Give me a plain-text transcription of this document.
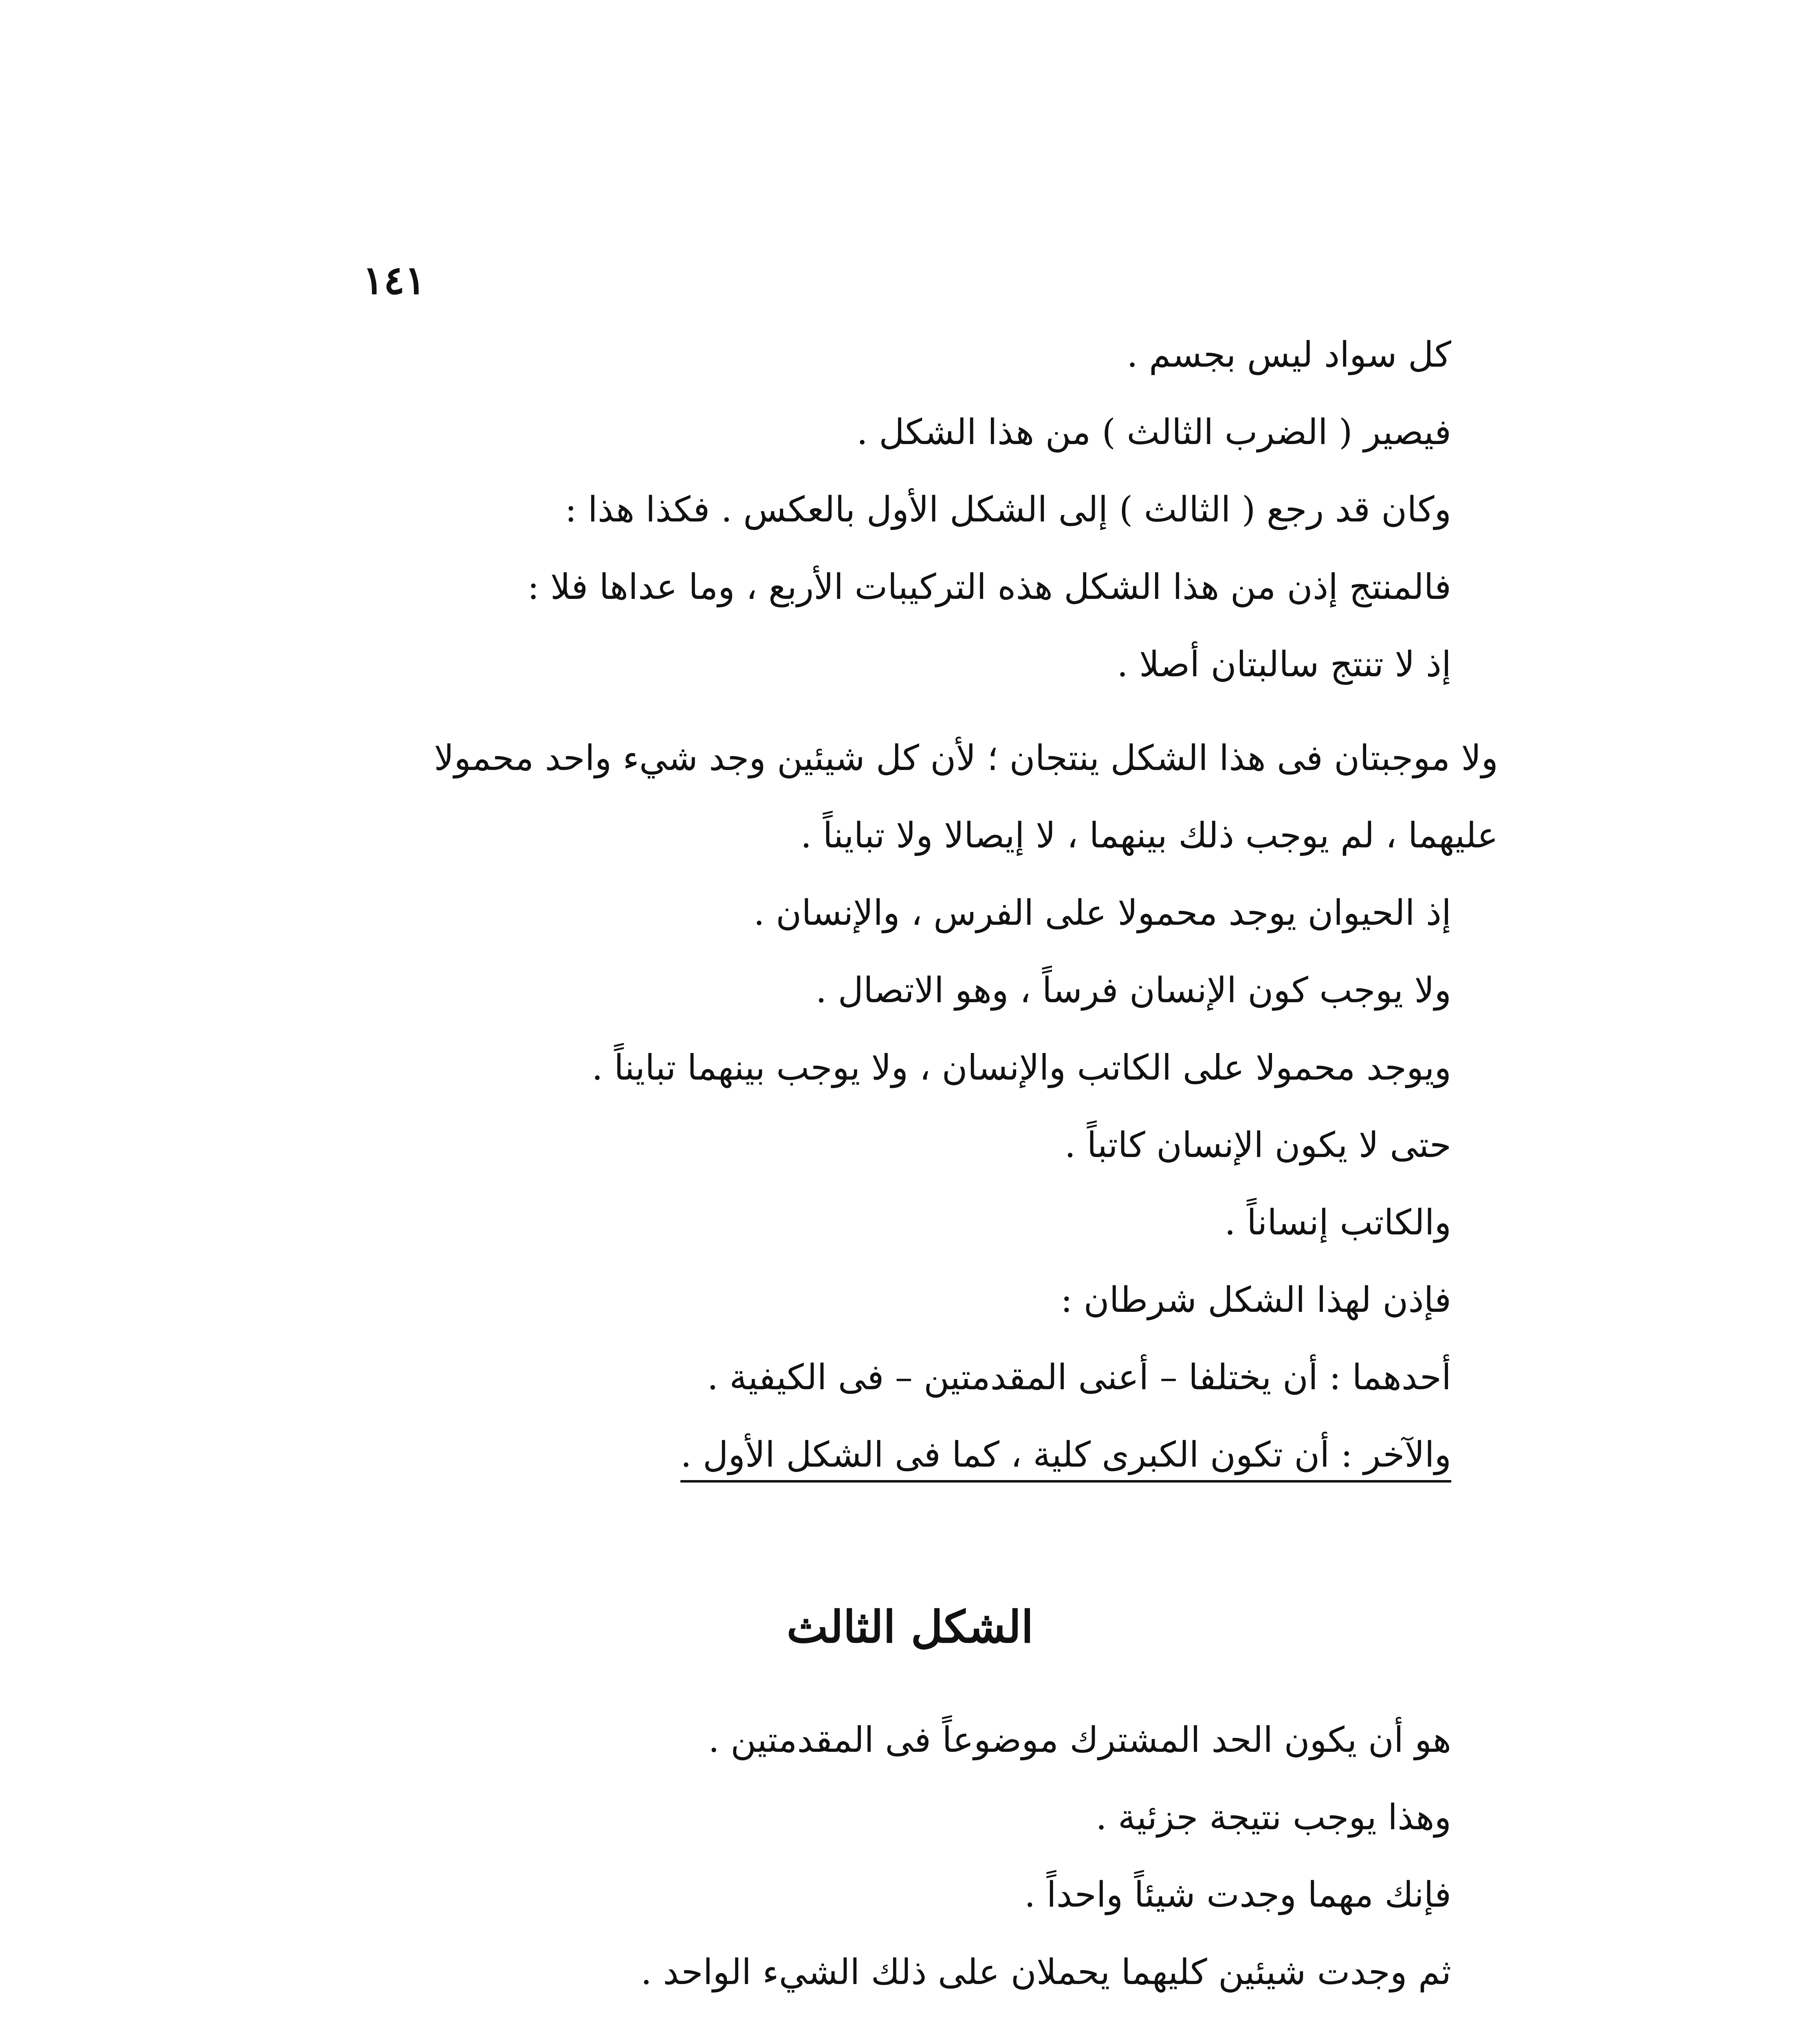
١٤١
كل سواد ليس بجسم .
فيصير ( الضرب الثالث ) من هذا الشكل .
وكان قد رجع ( الثالث ) إلى الشكل الأول بالعكس . فكذا هذا :
فالمنتج إذن من هذا الشكل هذه التركيبات الأربع ، وما عداها فلا :
إذ لا تنتج سالبتان أصلا .
ولا موجبتان فى هذا الشكل ينتجان ؛ لأن كل شيئين وجد شيء واحد محمولا
عليهما ، لم يوجب ذلك بينهما ، لا إيصالا ولا تبايناً .
إذ الحيوان يوجد محمولا على الفرس ، والإنسان .
ولا يوجب كون الإنسان فرساً ، وهو الاتصال .
ويوجد محمولا على الكاتب والإنسان ، ولا يوجب بينهما تبايناً .
حتى لا يكون الإنسان كاتباً .
والكاتب إنساناً .
فإذن لهذا الشكل شرطان :
أحدهما : أن يختلفا – أعنى المقدمتين – فى الكيفية .
والآخر : أن تكون الكبرى كلية ، كما فى الشكل الأول .
الشكل الثالث
هو أن يكون الحد المشترك موضوعاً فى المقدمتين .
وهذا يوجب نتيجة جزئية .
فإنك مهما وجدت شيئاً واحداً .
ثم وجدت شيئين كليهما يحملان على ذلك الشيء الواحد .
